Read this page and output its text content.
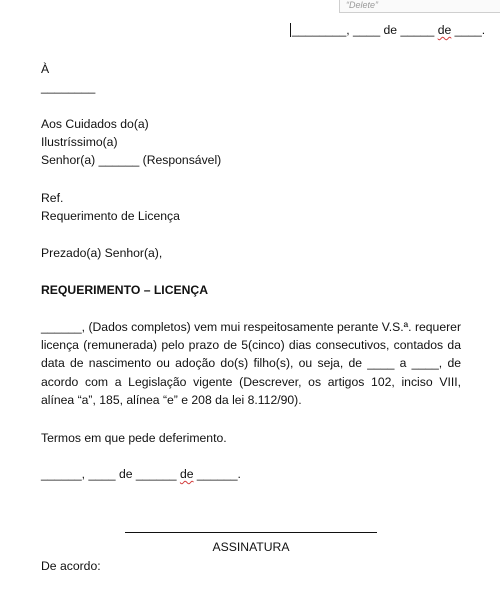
“Delete”
________, ____ de _____ de ____.
À
________
Aos Cuidados do(a)
Ilustríssimo(a)
Senhor(a) ______ (Responsável)
Ref.
Requerimento de Licença
Prezado(a) Senhor(a),
REQUERIMENTO – LICENÇA
______, (Dados completos) vem mui respeitosamente perante V.S.ª. requerer licença (remunerada) pelo prazo de 5(cinco) dias consecutivos, contados da data de nascimento ou adoção do(s) filho(s), ou seja, de ____ a ____, de acordo com a Legislação vigente (Descrever, os artigos 102, inciso VIII, alínea “a”, 185, alínea “e” e 208 da lei 8.112/90).
Termos em que pede deferimento.
______, ____ de ______ de ______.
ASSINATURA
De acordo:
